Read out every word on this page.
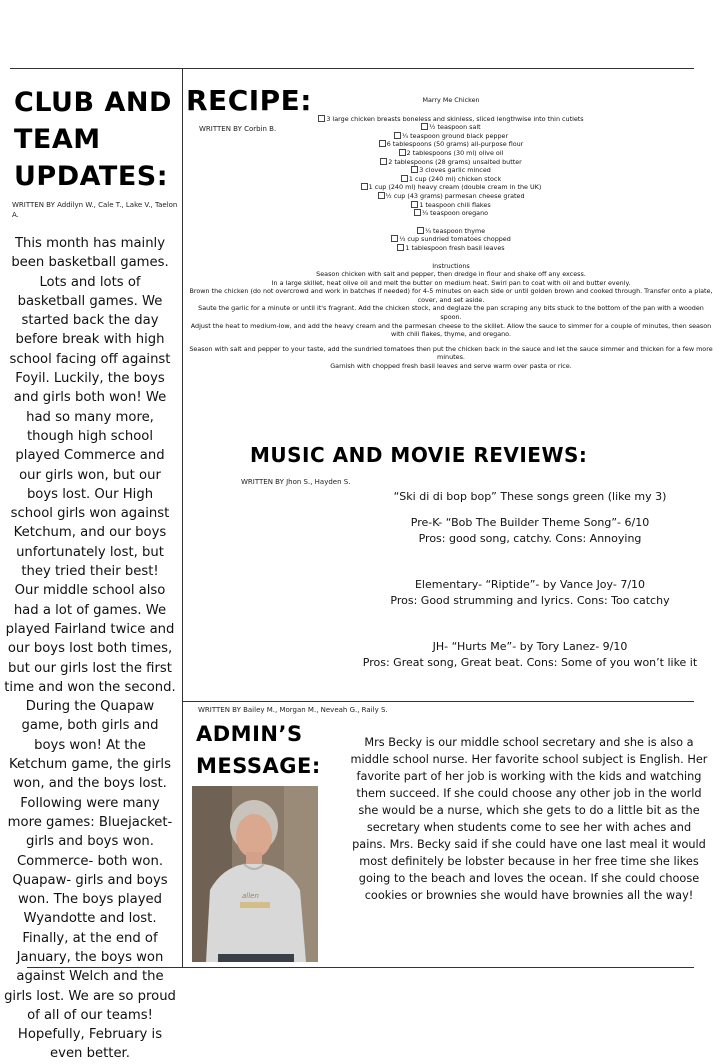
CLUB AND TEAM UPDATES:
WRITTEN BY Addilyn W., Cale T., Lake V., Taelon A.

This month has mainly been basketball games. Lots and lots of basketball games. We started back the day before break with high school facing off against Foyil. Luckily, the boys and girls both won! We had so many more, though high school played Commerce and our girls won, but our boys lost. Our High school girls won against Ketchum, and our boys unfortunately lost, but they tried their best!

Our middle school also had a lot of games. We played Fairland twice and our boys lost both times, but our girls lost the first time and won the second. During the Quapaw game, both girls and boys won! At the Ketchum game, the girls won, and the boys lost. Following were many more games: Bluejacket- girls and boys won. Commerce- both won. Quapaw- girls and boys won. The boys played Wyandotte and lost. Finally, at the end of January, the boys won against Welch and the girls lost. We are so proud of all of our teams! Hopefully, February is even better.

RECIPE:
WRITTEN BY Corbin B.
Marry Me Chicken
3 large chicken breasts boneless and skinless, sliced lengthwise into thin cutlets
½ teaspoon salt
¼ teaspoon ground black pepper
6 tablespoons (50 grams) all-purpose flour
2 tablespoons (30 ml) olive oil
2 tablespoons (28 grams) unsalted butter
3 cloves garlic minced
1 cup (240 ml) chicken stock
1 cup (240 ml) heavy cream (double cream in the UK)
½ cup (43 grams) parmesan cheese grated
1 teaspoon chili flakes
¼ teaspoon oregano
¼ teaspoon thyme
⅓ cup sundried tomatoes chopped
1 tablespoon fresh basil leaves
Instructions
Season chicken with salt and pepper, then dredge in flour and shake off any excess.
In a large skillet, heat olive oil and melt the butter on medium heat. Swirl pan to coat with oil and butter evenly.
Brown the chicken (do not overcrowd and work in batches if needed) for 4-5 minutes on each side or until golden brown and cooked through. Transfer onto a plate, cover, and set aside.
Saute the garlic for a minute or until it's fragrant. Add the chicken stock, and deglaze the pan scraping any bits stuck to the bottom of the pan with a wooden spoon.
Adjust the heat to medium-low, and add the heavy cream and the parmesan cheese to the skillet. Allow the sauce to simmer for a couple of minutes, then season with chili flakes, thyme, and oregano.
Season with salt and pepper to your taste, add the sundried tomatoes then put the chicken back in the sauce and let the sauce simmer and thicken for a few more minutes.
Garnish with chopped fresh basil leaves and serve warm over pasta or rice.
MUSIC AND MOVIE REVIEWS:
WRITTEN BY Jhon S., Hayden S.
“Ski di di bop bop” These songs green (like my 3)
Pre-K- “Bob The Builder Theme Song”- 6/10
Pros: good song, catchy. Cons: Annoying
Elementary- “Riptide”- by Vance Joy- 7/10
Pros: Good strumming and lyrics. Cons: Too catchy
JH- “Hurts Me”- by Tory Lanez- 9/10
Pros: Great song, Great beat. Cons: Some of you won’t like it
WRITTEN BY Bailey M., Morgan M., Neveah G., Raily S.
ADMIN’S MESSAGE:
allen
Mrs Becky is our middle school secretary and she is also a middle school nurse. Her favorite school subject is English. Her favorite part of her job is working with the kids and watching them succeed. If she could choose any other job in the world she would be a nurse, which she gets to do a little bit as the secretary when students come to see her with aches and pains. Mrs. Becky said if she could have one last meal it would most definitely be lobster because in her free time she likes going to the beach and loves the ocean. If she could choose cookies or brownies she would have brownies all the way!
